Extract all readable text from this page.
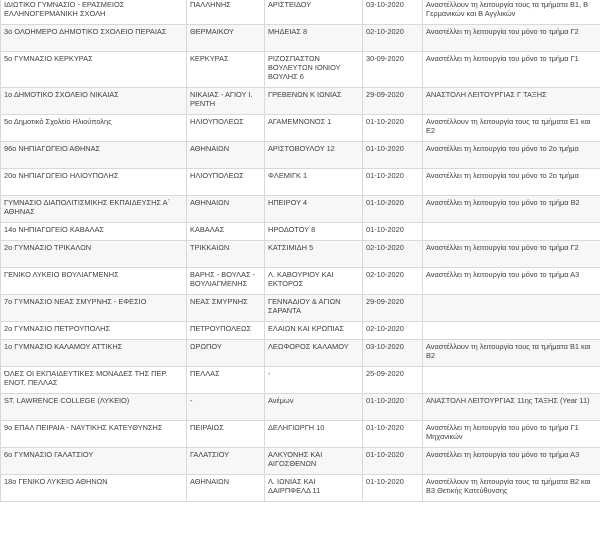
ΙΔΙΩΤΙΚΟ ΓΥΜΝΑΣΙΟ - ΕΡΑΣΜΕΙΟΣ ΕΛΛΗΝΟΓΕΡΜΑΝΙΚΗ ΣΧΟΛΗ	ΠΑΛΛΗΝΗΣ	ΑΡΙΣΤΕΙΔΟΥ	03-10-2020	Αναστέλλουν τη λειτουργία τους τα τμήματα Β1, Β Γερμανικών και Β Αγγλικών
3ο ΟΛΟΗΜΕΡΟ ΔΗΜΟΤΙΚΟ ΣΧΟΛΕΙΟ ΠΕΡΑΙΑΣ	ΘΕΡΜΑΙΚΟΥ	ΜΗΔΕΙΑΣ 8	02-10-2020	Αναστέλλει τη λειτουργία του μόνο το τμήμα Γ2
5ο ΓΥΜΝΑΣΙΟ ΚΕΡΚΥΡΑΣ	ΚΕΡΚΥΡΑΣ	ΡΙΖΟΣΠΑΣΤΩΝ ΒΟΥΛΕΥΤΩΝ ΙΟΝΙΟΥ ΒΟΥΛΗΣ 6	30-09-2020	Αναστέλλει τη λειτουργία του μόνο το τμήμα Γ1
1ο ΔΗΜΟΤΙΚΟ ΣΧΟΛΕΙΟ ΝΙΚΑΙΑΣ	ΝΙΚΑΙΑΣ - ΑΓΙΟΥ Ι. ΡΕΝΤΗ	ΓΡΕΒΕΝΩΝ Κ ΙΩΝΙΑΣ	29-09-2020	ΑΝΑΣΤΟΛΗ ΛΕΙΤΟΥΡΓΙΑΣ Γ ΤΑΞΗΣ
5ο Δημοτικό Σχολείο Ηλιούπολης	ΗΛΙΟΥΠΟΛΕΩΣ	ΑΓΑΜΕΜΝΟΝΟΣ 1	01-10-2020	Αναστέλλουν τη λειτουργία τους τα τμήματα Ε1 και Ε2
96ο ΝΗΠΙΑΓΩΓΕΙΟ ΑΘΗΝΑΣ	ΑΘΗΝΑΙΩΝ	ΑΡΙΣΤΟΒΟΥΛΟΥ 12	01-10-2020	Αναστέλλει τη λειτουργία του μόνο το 2ο τμήμα
20ο ΝΗΠΙΑΓΩΓΕΙΟ ΗΛΙΟΥΠΟΛΗΣ	ΗΛΙΟΥΠΟΛΕΩΣ	ΦΛΕΜΙΓΚ 1	01-10-2020	Αναστέλλει τη λειτουργία του μόνο το 2ο τμήμα
ΓΥΜΝΑΣΙΟ ΔΙΑΠΟΛΙΤΙΣΜΙΚΗΣ ΕΚΠΑΙΔΕΥΣΗΣ Α΄ ΑΘΗΝΑΣ	ΑΘΗΝΑΙΩΝ	ΗΠΕΙΡΟΥ 4	01-10-2020	Αναστέλλει τη λειτουργία του μόνο το τμήμα Β2
14ο ΝΗΠΙΑΓΩΓΕΙΟ ΚΑΒΑΛΑΣ	ΚΑΒΑΛΑΣ	ΗΡΟΔΟΤΟΥ 8	01-10-2020	
2ο ΓΥΜΝΑΣΙΟ ΤΡΙΚΑΛΩΝ	ΤΡΙΚΚΑΙΩΝ	ΚΑΤΣΙΜΙΔΗ 5	02-10-2020	Αναστέλλει τη λειτουργία του μόνο το τμήμα Γ2
ΓΕΝΙΚΟ ΛΥΚΕΙΟ ΒΟΥΛΙΑΓΜΕΝΗΣ	ΒΑΡΗΣ - ΒΟΥΛΑΣ - ΒΟΥΛΙΑΓΜΕΝΗΣ	Λ. ΚΑΒΟΥΡΙΟΥ ΚΑΙ ΕΚΤΟΡΟΣ	02-10-2020	Αναστέλλει τη λειτουργία του μόνο το τμήμα Α3
7ο ΓΥΜΝΑΣΙΟ ΝΕΑΣ ΣΜΥΡΝΗΣ - ΕΦΕΣΙΟ	ΝΕΑΣ ΣΜΥΡΝΗΣ	ΓΕΝΝΑΔΙΟΥ & ΑΓΙΩΝ ΣΑΡΑΝΤΑ	29-09-2020	
2ο ΓΥΜΝΑΣΙΟ ΠΕΤΡΟΥΠΟΛΗΣ	ΠΕΤΡΟΥΠΟΛΕΩΣ	ΕΛΑΙΩΝ ΚΑΙ ΚΡΩΠΙΑΣ	02-10-2020	
1ο ΓΥΜΝΑΣΙΟ ΚΑΛΑΜΟΥ ΑΤΤΙΚΗΣ	ΩΡΩΠΟΥ	ΛΕΩΦΟΡΟΣ ΚΑΛΑΜΟΥ	03-10-2020	Αναστέλλουν τη λειτουργία τους τα τμήματα Β1 και Β2
ΌΛΕΣ ΟΙ ΕΚΠΑΙΔΕΥΤΙΚΕΣ ΜΟΝΑΔΕΣ ΤΗΣ ΠΕΡ. ΕΝΟΤ. ΠΕΛΛΑΣ	ΠΕΛΛΑΣ	-	25-09-2020	
ST. LAWRENCE COLLEGE (ΛΥΚΕΙΟ)	-	Ανέμων	01-10-2020	ΑΝΑΣΤΟΛΗ ΛΕΙΤΟΥΡΓΙΑΣ 11ης ΤΑΞΗΣ (Year 11)
9ο ΕΠΑΛ ΠΕΙΡΑΙΑ - ΝΑΥΤΙΚΗΣ ΚΑΤΕΥΘΥΝΣΗΣ	ΠΕΙΡΑΙΩΣ	ΔΕΛΗΓΙΩΡΓΗ 10	01-10-2020	Αναστέλλει τη λειτουργία του μόνο το τμήμα Γ1 Μηχανικών
6ο ΓΥΜΝΑΣΙΟ ΓΑΛΑΤΣΙΟΥ	ΓΑΛΑΤΣΙΟΥ	ΑΛΚΥΟΝΗΣ ΚΑΙ ΑΙΓΟΣΘΕΝΩΝ	01-10-2020	Αναστέλλει τη λειτουργία του μόνο το τμήμα Α3
18ο ΓΕΝΙΚΟ ΛΥΚΕΙΟ ΑΘΗΝΩΝ	ΑΘΗΝΑΙΩΝ	Λ. ΙΩΝΙΑΣ ΚΑΙ ΔΑΙΡΠΦΕΛΔ 11	01-10-2020	Αναστέλλουν τη λειτουργία τους τα τμήματα Β2 και Β3 Θετικής Κατεύθυνσης
